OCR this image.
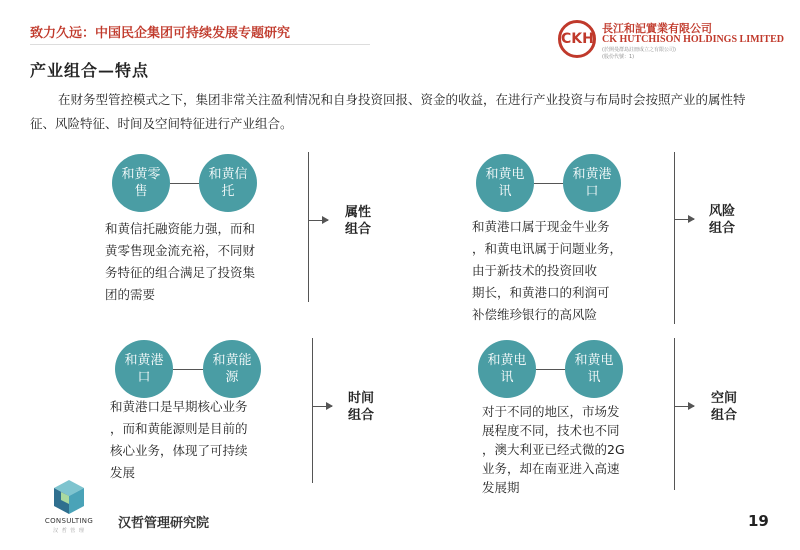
致力久远：中国民企集团可持续发展专题研究	CKH
長江和記實業有限公司
CK HUTCHISON HOLDINGS LIMITED
(於開曼群島註冊成立之有限公司)
(股份代號：1)
产业组合—特点
在财务型管控模式之下，集团非常关注盈利情况和自身投资回报、资金的收益，在进行产业投资与布局时会按照产业的属性特征、风险特征、时间及空间特征进行产业组合。
和黄零售
和黄信托
和黄信托融资能力强，而和
黄零售现金流充裕，不同财
务特征的组合满足了投资集
团的需要
属性
组合
和黄电讯
和黄港口
和黄港口属于现金牛业务
，和黄电讯属于问题业务，
由于新技术的投资回收
期长，和黄港口的利润可
补偿维珍银行的高风险
风险
组合
和黄港口
和黄能源
和黄港口是早期核心业务
，而和黄能源则是目前的
核心业务，体现了可持续
发展
时间
组合
和黄电讯
和黄电讯
对于不同的地区，市场发
展程度不同，技术也不同
，澳大利亚已经式微的2G
业务，却在南亚进入高速
发展期
空间
组合
CONSULTING
汉 哲 管 理	汉哲管理研究院	19
